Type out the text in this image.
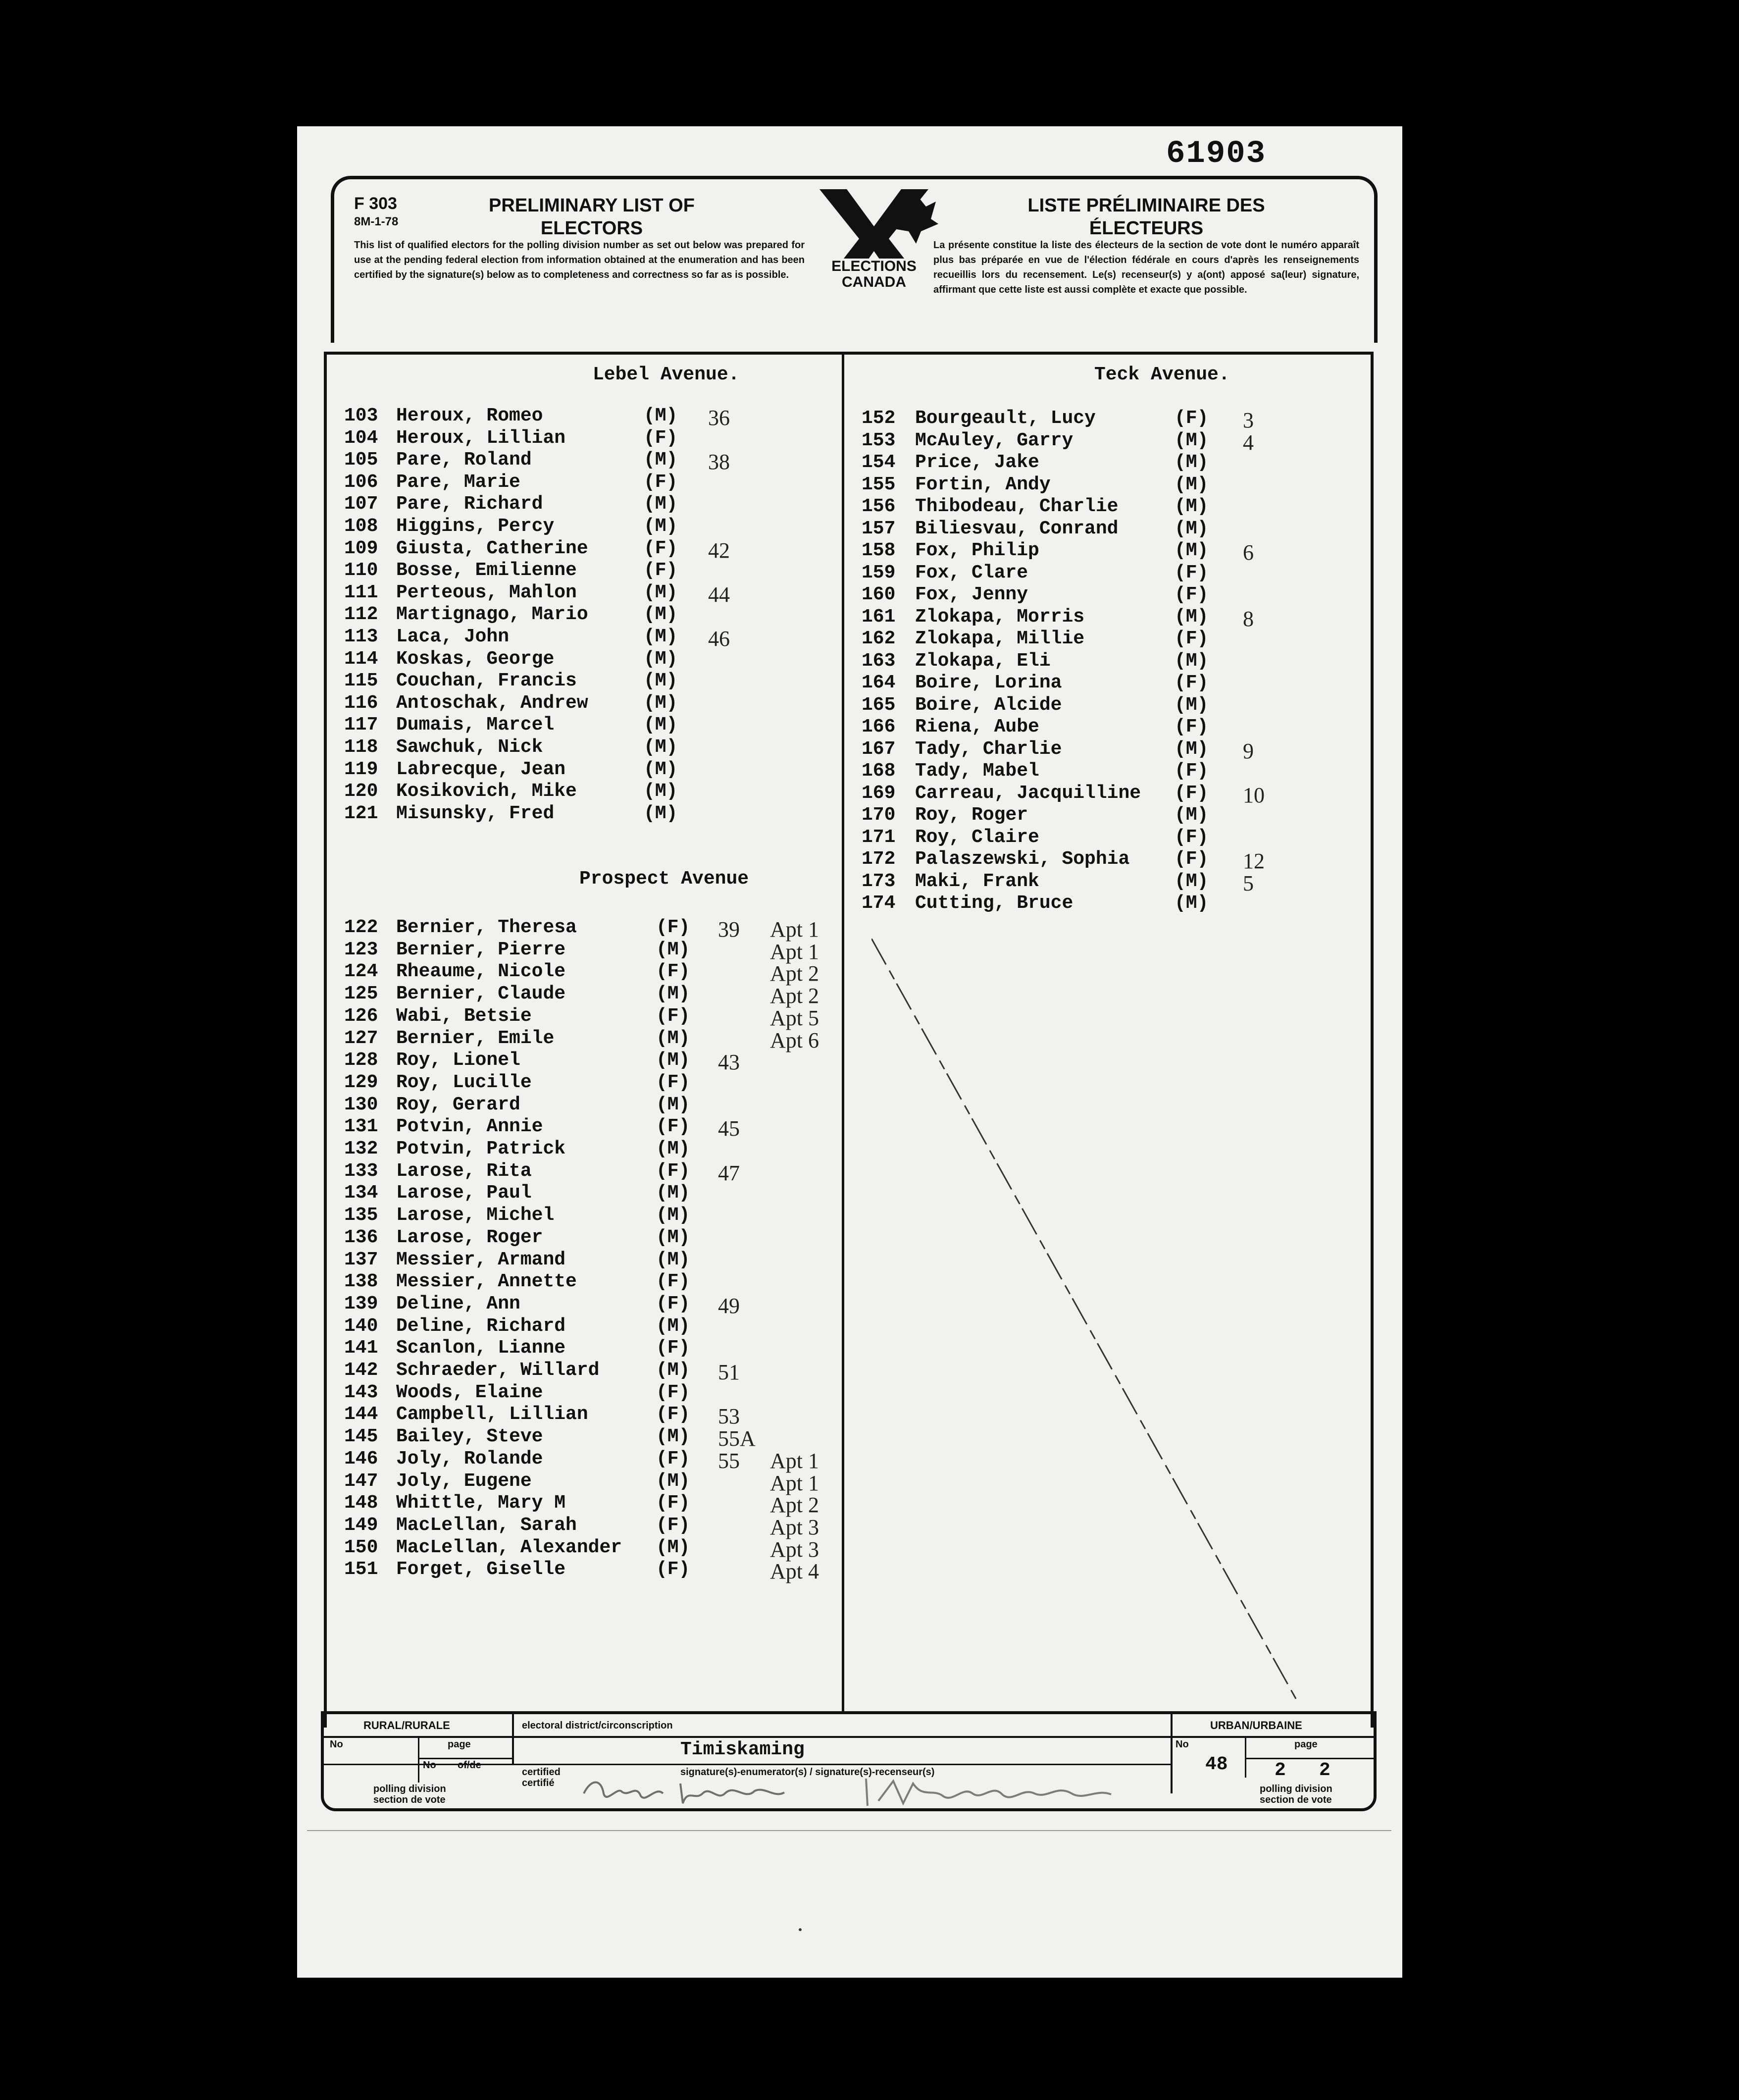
61903
F 303
8M-1-78
PRELIMINARY LIST OF ELECTORS
This list of qualified electors for the polling division number as set out below was prepared for use at the pending federal election from information obtained at the enumeration and has been certified by the signature(s) below as to completeness and correctness so far as is possible.
ELECTIONS CANADA
LISTE PRÉLIMINAIRE DES ÉLECTEURS
La présente constitue la liste des électeurs de la section de vote dont le numéro apparaît plus bas préparée en vue de l'élection fédérale en cours d'après les renseignements recueillis lors du recensement. Le(s) recenseur(s) y a(ont) apposé sa(leur) signature, affirmant que cette liste est aussi complète et exacte que possible.
Lebel Avenue.
Prospect Avenue
Teck Avenue.
RURAL/RURALE
No	page
No of/de
electoral district/circonscription
Timiskaming
certified certifié
signature(s)-enumerator(s) / signature(s)-recenseur(s)
polling division section de vote
URBAN/URBAINE
No
48
page
2 2
polling division section de vote
·
103 Heroux, Romeo	(M) 36
104 Heroux, Lillian	(F)
105 Pare, Roland	(M) 38
106 Pare, Marie	(F)
107 Pare, Richard	(M)
108 Higgins, Percy	(M)
109 Giusta, Catherine	(F) 42
110 Bosse, Emilienne	(F)
111 Perteous, Mahlon	(M) 44
112 Martignago, Mario	(M)
113 Laca, John	(M) 46
114 Koskas, George	(M)
115 Couchan, Francis	(M)
116 Antoschak, Andrew	(M)
117 Dumais, Marcel	(M)
118 Sawchuk, Nick	(M)
119 Labrecque, Jean	(M)
120 Kosikovich, Mike	(M)
121 Misunsky, Fred	(M)
122 Bernier, Theresa	(F) 39 Apt 1
123 Bernier, Pierre	(M)	Apt 1
124 Rheaume, Nicole	(F)	Apt 2
125 Bernier, Claude	(M)	Apt 2
126 Wabi, Betsie	(F)	Apt 5
127 Bernier, Emile	(M)	Apt 6
128 Roy, Lionel	(M) 43
129 Roy, Lucille	(F)
130 Roy, Gerard	(M)
131 Potvin, Annie	(F) 45
132 Potvin, Patrick	(M)
133 Larose, Rita	(F) 47
134 Larose, Paul	(M)
135 Larose, Michel	(M)
136 Larose, Roger	(M)
137 Messier, Armand	(M)
138 Messier, Annette	(F)
139 Deline, Ann	(F) 49
140 Deline, Richard	(M)
141 Scanlon, Lianne	(F)
142 Schraeder, Willard	(M) 51
143 Woods, Elaine	(F)
144 Campbell, Lillian	(F) 53
145 Bailey, Steve	(M) 55A
146 Joly, Rolande	(F) 55 Apt 1
147 Joly, Eugene	(M)	Apt 1
148 Whittle, Mary M	(F)	Apt 2
149 MacLellan, Sarah	(F)	Apt 3
150 MacLellan, Alexander (M)	Apt 3
151 Forget, Giselle	(F)	Apt 4
152 Bourgeault, Lucy	(F) 3
153 McAuley, Garry	(M) 4
154 Price, Jake	(M)
155 Fortin, Andy	(M)
156 Thibodeau, Charlie	(M)
157 Biliesvau, Conrand	(M)
158 Fox, Philip	(M) 6
159 Fox, Clare	(F)
160 Fox, Jenny	(F)
161 Zlokapa, Morris	(M) 8
162 Zlokapa, Millie	(F)
163 Zlokapa, Eli	(M)
164 Boire, Lorina	(F)
165 Boire, Alcide	(M)
166 Riena, Aube	(F)
167 Tady, Charlie	(M) 9
168 Tady, Mabel	(F)
169 Carreau, Jacquilline (F) 10
170 Roy, Roger	(M)
171 Roy, Claire	(F)
172 Palaszewski, Sophia (F) 12
173 Maki, Frank	(M) 5
174 Cutting, Bruce	(M)
